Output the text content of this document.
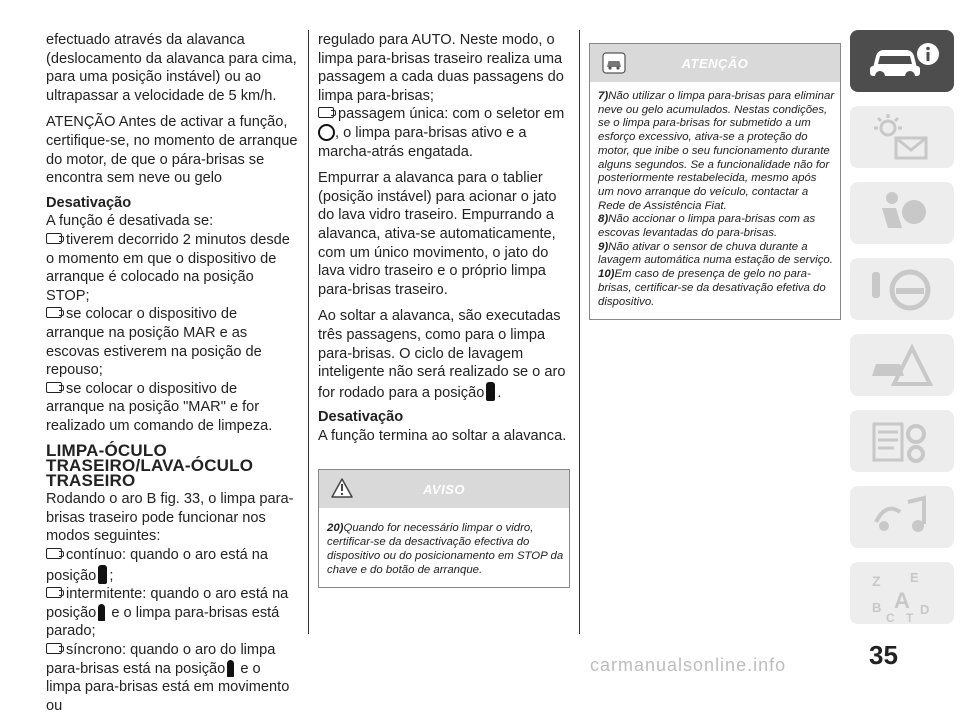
efectuado através da alavanca (deslocamento da alavanca para cima, para uma posição instável) ou ao ultrapassar a velocidade de 5 km/h.

ATENÇÃO Antes de activar a função, certifique-se, no momento de arranque do motor, de que o pára-brisas se encontra sem neve ou gelo

Desativação

A função é desativada se:

tiverem decorrido 2 minutos desde o momento em que o dispositivo de arranque é colocado na posição STOP;

se colocar o dispositivo de arranque na posição MAR e as escovas estiverem na posição de repouso;

se colocar o dispositivo de arranque na posição "MAR" e for realizado um comando de limpeza.

LIMPA-ÓCULO
TRASEIRO/LAVA-ÓCULO
TRASEIRO

Rodando o aro B fig. 33, o limpa para-brisas traseiro pode funcionar nos modos seguintes:

contínuo: quando o aro está na posição ;

intermitente: quando o aro está na posição e o limpa para-brisas está parado;

síncrono: quando o aro do limpa para-brisas está na posição e o limpa para-brisas está em movimento ou

regulado para AUTO. Neste modo, o limpa para-brisas traseiro realiza uma passagem a cada duas passagens do limpa para-brisas;

passagem única: com o seletor em
, o limpa para-brisas ativo e a marcha-atrás engatada.

Empurrar a alavanca para o tablier (posição instável) para acionar o jato do lava vidro traseiro. Empurrando a alavanca, ativa-se automaticamente, com um único movimento, o jato do lava vidro traseiro e o próprio limpa para-brisas traseiro.

Ao soltar a alavanca, são executadas três passagens, como para o limpa para-brisas. O ciclo de lavagem inteligente não será realizado se o aro for rodado para a posição .

Desativação

A função termina ao soltar a alavanca.

AVISO
20)Quando for necessário limpar o vidro, certificar-se da desactivação efectiva do dispositivo ou do posicionamento em STOP da chave e do botão de arranque.
ATENÇÃO
7)Não utilizar o limpa para-brisas para eliminar neve ou gelo acumulados. Nestas condições, se o limpa para-brisas for submetido a um esforço excessivo, ativa-se a proteção do motor, que inibe o seu funcionamento durante alguns segundos. Se a funcionalidade não for posteriormente restabelecida, mesmo após um novo arranque do veículo, contactar a Rede de Assistência Fiat.
8)Não accionar o limpa para-brisas com as escovas levantadas do para-brisas.
9)Não ativar o sensor de chuva durante a lavagem automática numa estação de serviço.
10)Em caso de presença de gelo no para-brisas, certificar-se da desativação efetiva do dispositivo.
Z E
B A
C T
D
35
carmanualsonline.info
